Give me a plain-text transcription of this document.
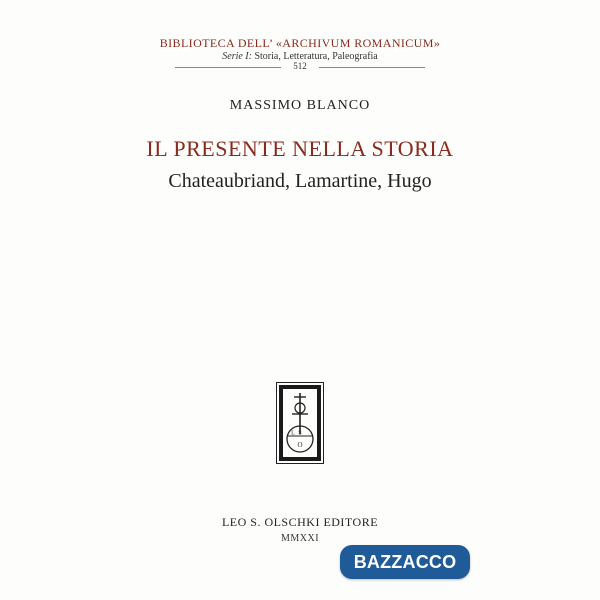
BIBLIOTECA DELL’ «ARCHIVUM ROMANICUM»
Serie I: Storia, Letteratura, Paleografia
512
MASSIMO BLANCO
IL PRESENTE NELLA STORIA
Chateaubriand, Lamartine, Hugo
L S
O
LEO S. OLSCHKI EDITORE
MMXXI
BAZZACCO
